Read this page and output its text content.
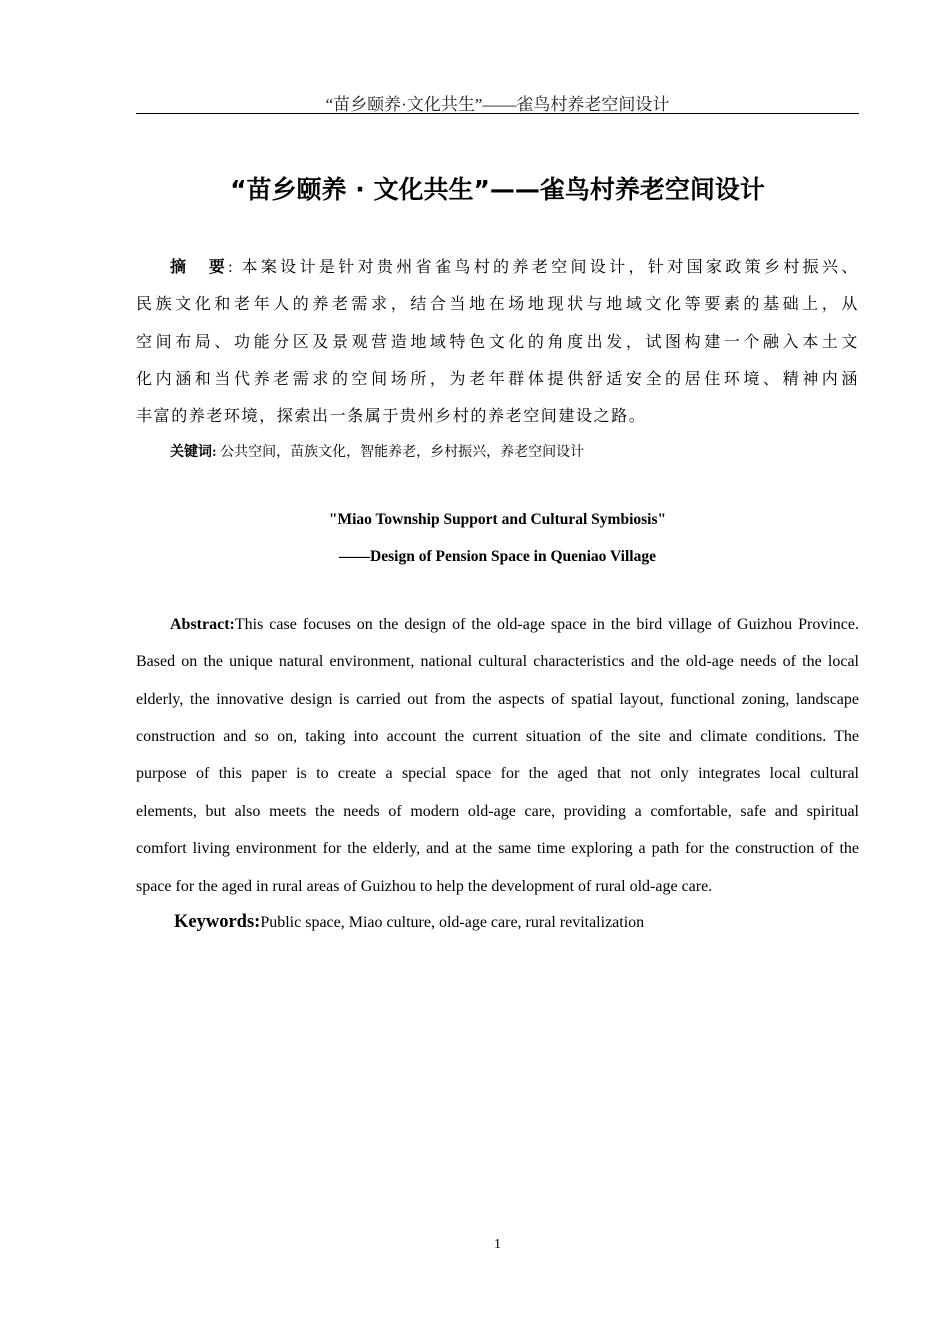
“苗乡颐养·文化共生”——雀鸟村养老空间设计
“苗乡颐养 · 文化共生”——雀鸟村养老空间设计
摘　要: 本案设计是针对贵州省雀鸟村的养老空间设计，针对国家政策乡村振兴、
民族文化和老年人的养老需求，结合当地在场地现状与地域文化等要素的基础上，从
空间布局、功能分区及景观营造地域特色文化的角度出发，试图构建一个融入本土文
化内涵和当代养老需求的空间场所，为老年群体提供舒适安全的居住环境、精神内涵
丰富的养老环境，探索出一条属于贵州乡村的养老空间建设之路。
关键词: 公共空间，苗族文化，智能养老，乡村振兴，养老空间设计
"Miao Township Support and Cultural Symbiosis"
——Design of Pension Space in Queniao Village
Abstract:This case focuses on the design of the old-age space in the bird village of Guizhou Province.
Based on the unique natural environment, national cultural characteristics and the old-age needs of the local
elderly, the innovative design is carried out from the aspects of spatial layout, functional zoning, landscape
construction and so on, taking into account the current situation of the site and climate conditions. The
purpose of this paper is to create a special space for the aged that not only integrates local cultural
elements, but also meets the needs of modern old-age care, providing a comfortable, safe and spiritual
comfort living environment for the elderly, and at the same time exploring a path for the construction of the
space for the aged in rural areas of Guizhou to help the development of rural old-age care.
Keywords:Public space, Miao culture, old-age care, rural revitalization
1
